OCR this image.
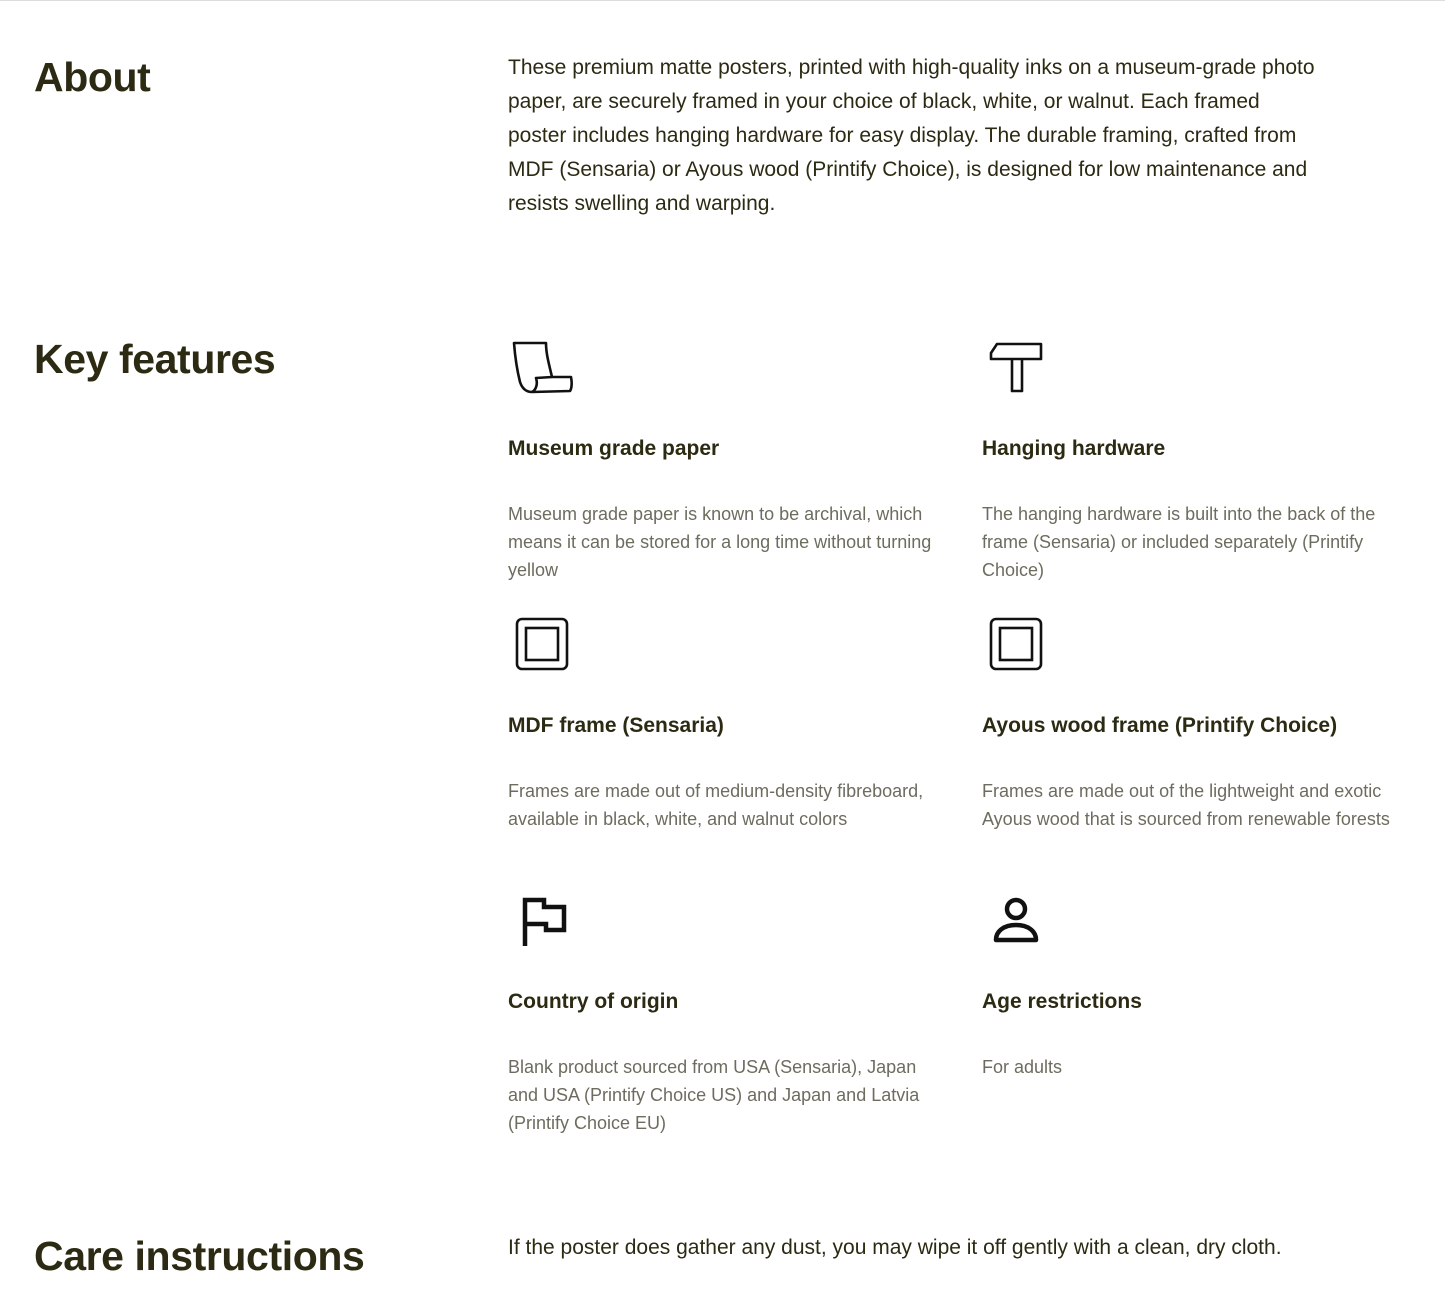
About	These premium matte posters, printed with high-quality inks on a museum-grade photo paper, are securely framed in your choice of black, white, or walnut. Each framed poster includes hanging hardware for easy display. The durable framing, crafted from MDF (Sensaria) or Ayous wood (Printify Choice), is designed for low maintenance and resists swelling and warping.

Key features
Museum grade paper

Museum grade paper is known to be archival, which means it can be stored for a long time without turning yellow

Hanging hardware

The hanging hardware is built into the back of the frame (Sensaria) or included separately (Printify Choice)

MDF frame (Sensaria)

Frames are made out of medium-density fibreboard, available in black, white, and walnut colors

Ayous wood frame (Printify Choice)

Frames are made out of the lightweight and exotic Ayous wood that is sourced from renewable forests

Country of origin

Blank product sourced from USA (Sensaria), Japan and USA (Printify Choice US) and Japan and Latvia (Printify Choice EU)

Age restrictions

For adults

Care instructions	If the poster does gather any dust, you may wipe it off gently with a clean, dry cloth.
